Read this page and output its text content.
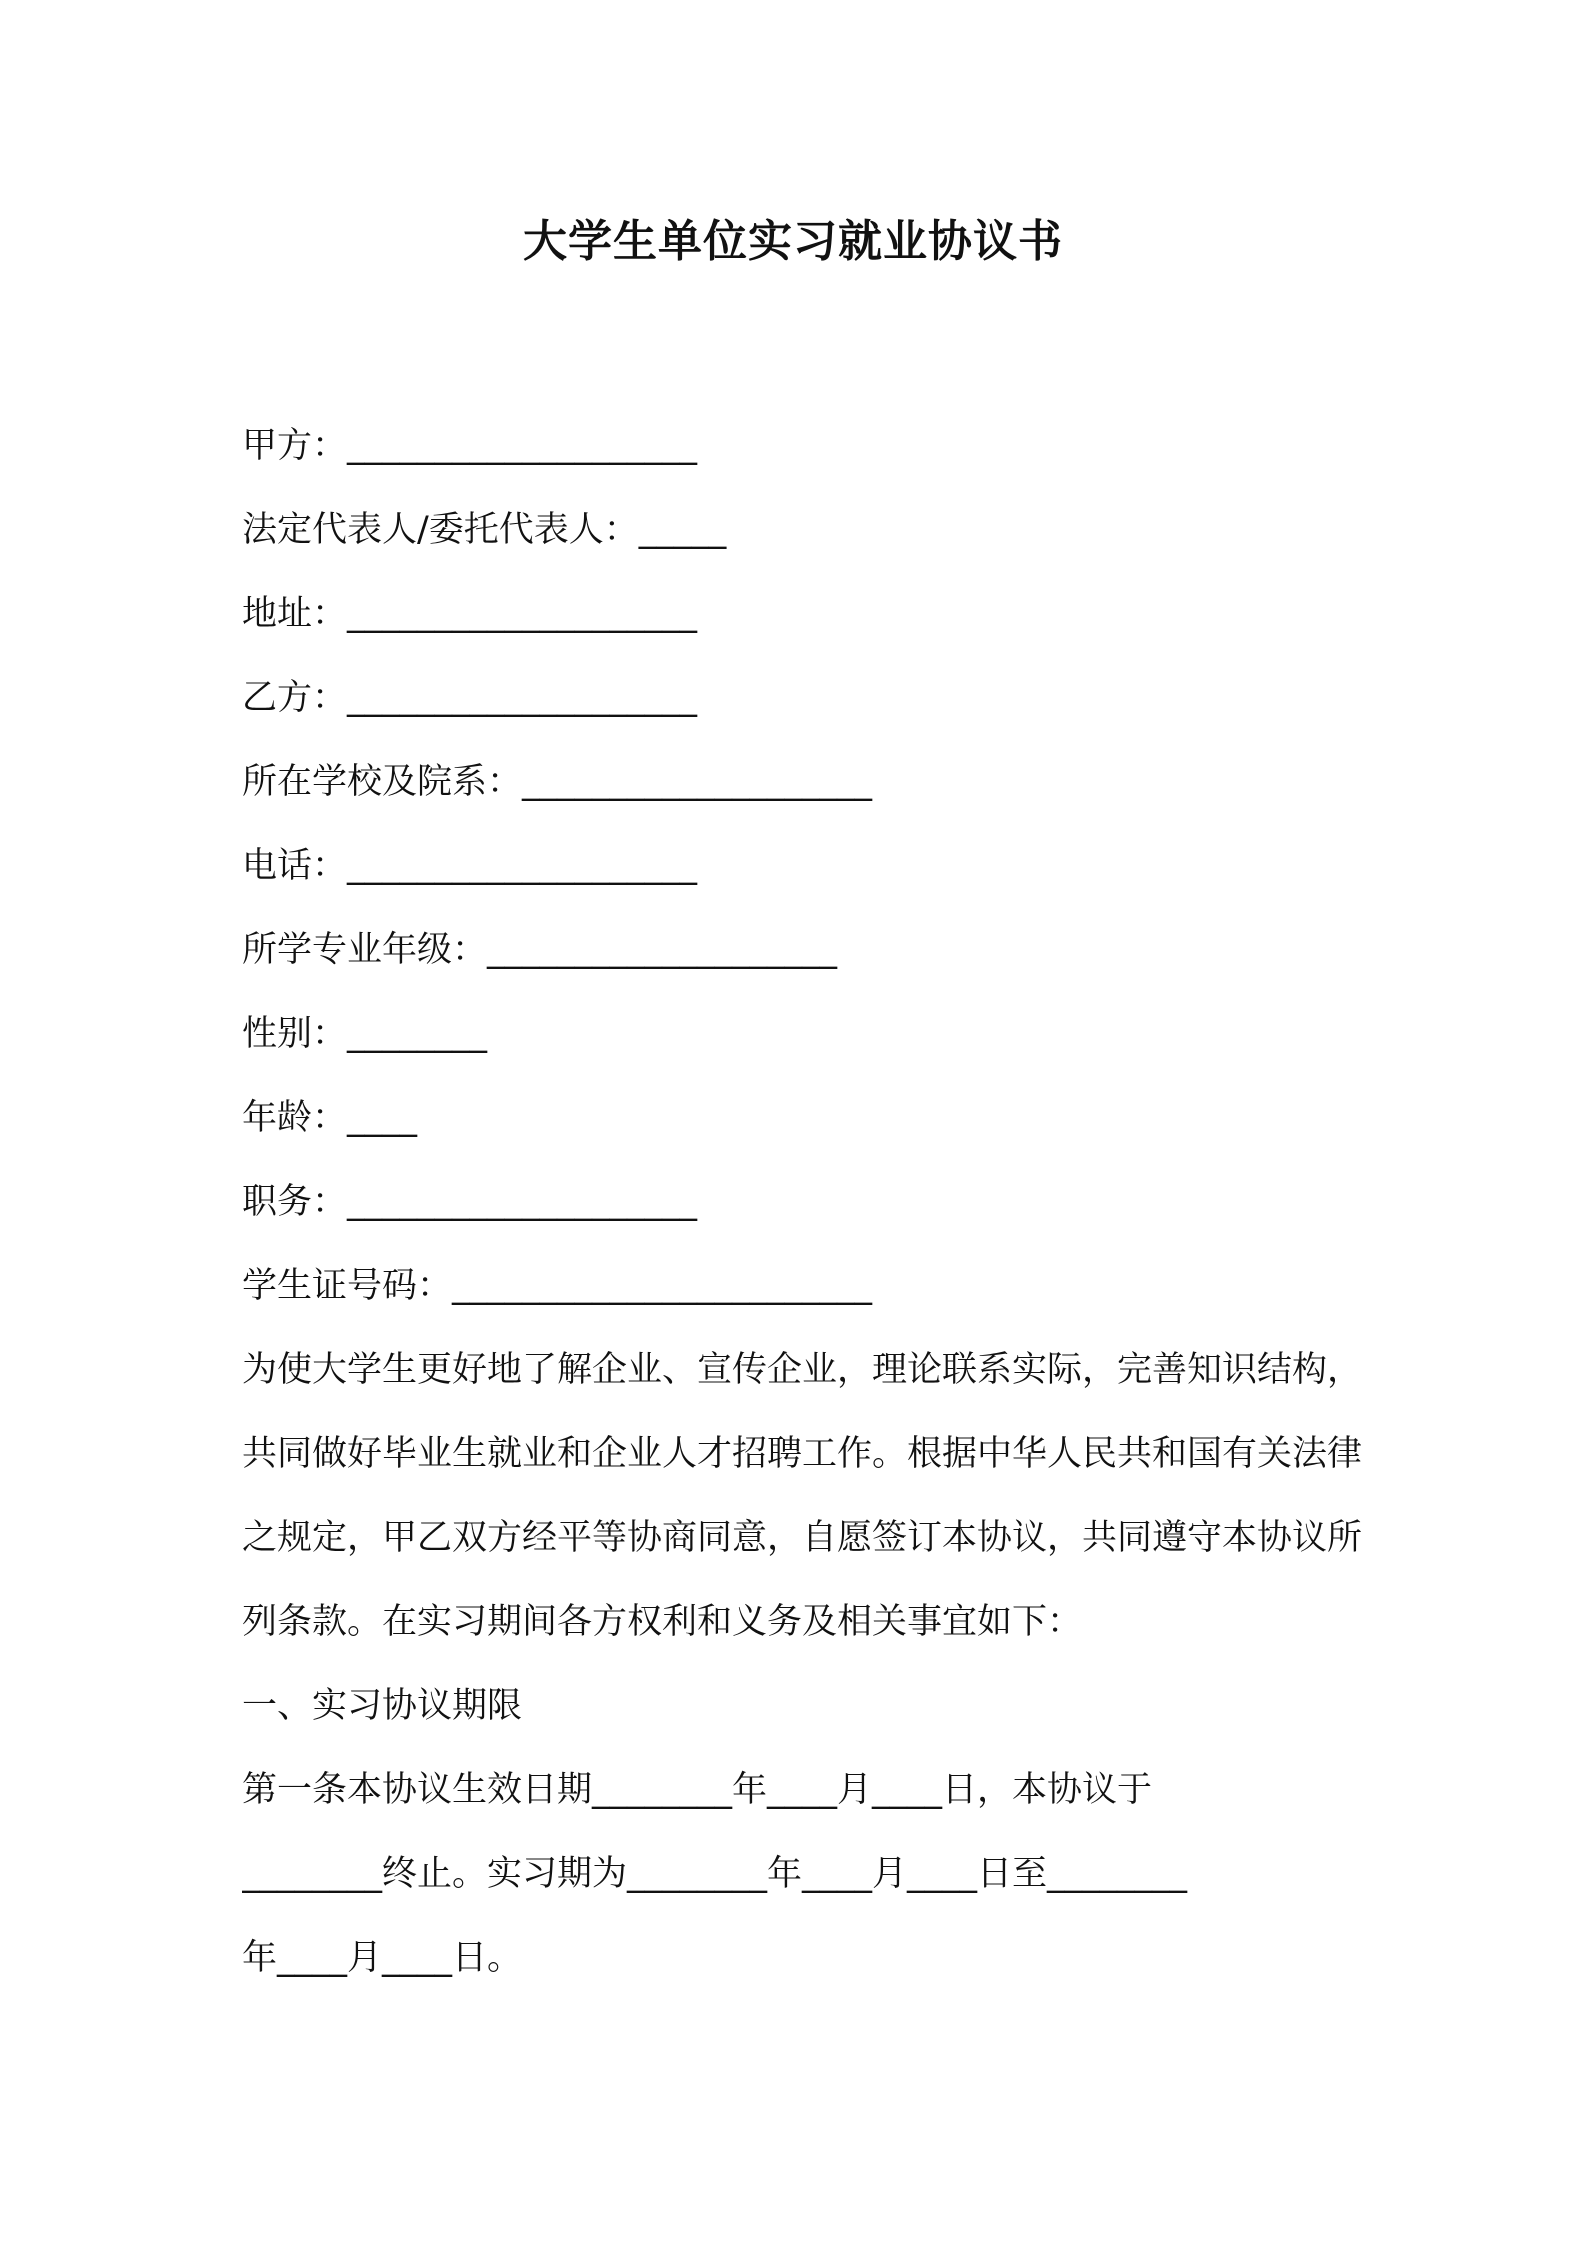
大学生单位实习就业协议书
甲方：____________________
法定代表人/委托代表人：_____
地址：____________________
乙方：____________________
所在学校及院系：____________________
电话：____________________
所学专业年级：____________________
性别：________
年龄：____
职务：____________________
学生证号码：________________________
为使大学生更好地了解企业、宣传企业，理论联系实际，完善知识结构，共同做好毕业生就业和企业人才招聘工作。根据中华人民共和国有关法律之规定，甲乙双方经平等协商同意，自愿签订本协议，共同遵守本协议所列条款。在实习期间各方权利和义务及相关事宜如下：
一、实习协议期限
第一条本协议生效日期________年____月____日，本协议于
________终止。实习期为________年____月____日至________
年____月____日。
